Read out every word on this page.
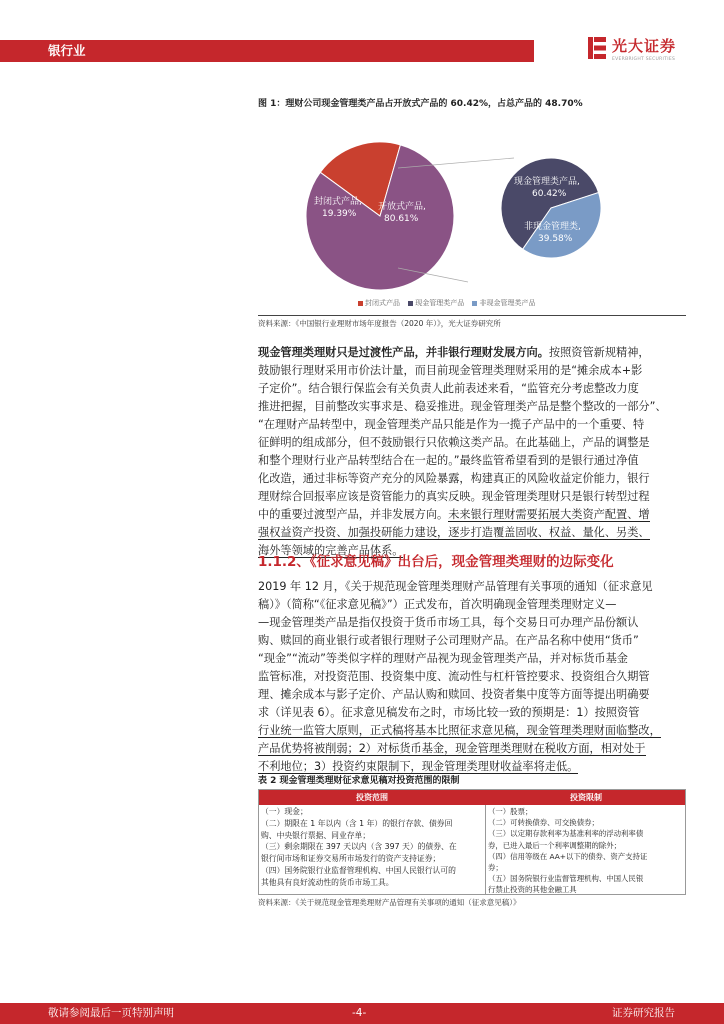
银行业	光大证券
EVERBRIGHT SECURITIES
图 1：理财公司现金管理类产品占开放式产品的 60.42%，占总产品的 48.70%
封闭式产品,
19.39%
开放式产品,
80.61%
现金管理类产品,
60.42%
非现金管理类,
39.58%
封闭式产品 现金管理类产品 非现金管理类产品
资料来源：《中国银行业理财市场年度报告（2020 年）》，光大证券研究所
现金管理类理财只是过渡性产品，并非银行理财发展方向。按照资管新规精神，
鼓励银行理财采用市价法计量，而目前现金管理类理财采用的是“摊余成本+影
子定价”。结合银行保监会有关负责人此前表述来看，“监管充分考虑整改力度
推进把握，目前整改实事求是、稳妥推进。现金管理类产品是整个整改的一部分”、
“在理财产品转型中，现金管理类产品只能是作为一揽子产品中的一个重要、特
征鲜明的组成部分，但不鼓励银行只依赖这类产品。在此基础上，产品的调整是
和整个理财行业产品转型结合在一起的。”最终监管希望看到的是银行通过净值
化改造，通过非标等资产充分的风险暴露，构建真正的风险收益定价能力，银行
理财综合回报率应该是资管能力的真实反映。现金管理类理财只是银行转型过程
中的重要过渡型产品，并非发展方向。未来银行理财需要拓展大类资产配置、增
强权益资产投资、加强投研能力建设，逐步打造覆盖固收、权益、量化、另类、
海外等领域的完善产品体系。
1.1.2、《征求意见稿》出台后，现金管理类理财的边际变化
2019 年 12 月，《关于规范现金管理类理财产品管理有关事项的通知（征求意见
稿）》（简称“《征求意见稿》”）正式发布，首次明确现金管理类理财定义—
—现金管理类产品是指仅投资于货币市场工具，每个交易日可办理产品份额认
购、赎回的商业银行或者银行理财子公司理财产品。在产品名称中使用“货币”
“现金”“流动”等类似字样的理财产品视为现金管理类产品，并对标货币基金
监管标准，对投资范围、投资集中度、流动性与杠杆管控要求、投资组合久期管
理、摊余成本与影子定价、产品认购和赎回、投资者集中度等方面等提出明确要
求（详见表 6）。征求意见稿发布之时，市场比较一致的预期是：1）按照资管
行业统一监管大原则，正式稿将基本比照征求意见稿，现金管理类理财面临整改，
产品优势将被削弱；2）对标货币基金，现金管理类理财在税收方面，相对处于
不利地位；3）投资约束限制下，现金管理类理财收益率将走低。
表 2 现金管理类理财征求意见稿对投资范围的限制
投资范围	投资限制
（一）现金；
（二）期限在 1 年以内（含 1 年）的银行存款、债券回
购、中央银行票据、同业存单；
（三）剩余期限在 397 天以内（含 397 天）的债券、在
银行间市场和证券交易所市场发行的资产支持证券；
（四）国务院银行业监督管理机构、中国人民银行认可的
其他具有良好流动性的货币市场工具。
（一）股票；
（二）可转换债券、可交换债券；
（三）以定期存款利率为基准利率的浮动利率债
券，已进入最后一个利率调整期的除外；
（四）信用等级在 AA+以下的债券、资产支持证
券；
（五）国务院银行业监督管理机构、中国人民银
行禁止投资的其他金融工具
资料来源：《关于规范现金管理类理财产品管理有关事项的通知（征求意见稿）》
敬请参阅最后一页特别声明	-4-	证券研究报告
